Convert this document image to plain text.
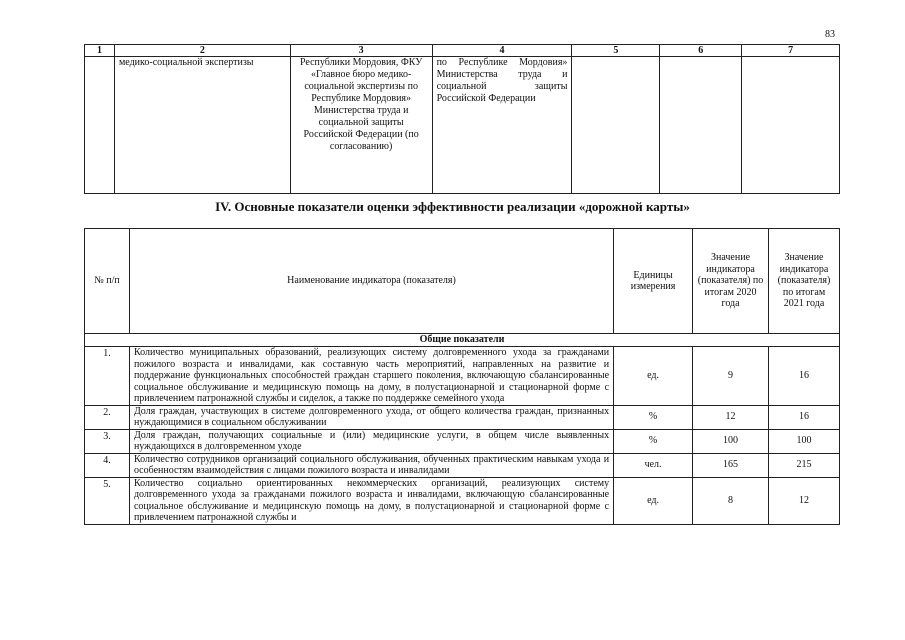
83
1	2	3	4	5	6	7
	медико-социальной экспертизы	Республики Мордовия, ФКУ «Главное бюро медико-социальной экспертизы по Республике Мордовия» Министерства труда и социальной защиты Российской Федерации (по согласованию)	по Республике Мордовия» Министерства труда и социальной защиты Российской Федерации			
IV. Основные показатели оценки эффективности реализации «дорожной карты»
№ п/п	Наименование индикатора (показателя)	Единицы измерения	Значение индикатора (показателя) по итогам 2020 года	Значение индикатора (показателя) по итогам 2021 года
Общие показатели				
1.	Количество муниципальных образований, реализующих систему долговременного ухода за гражданами пожилого возраста и инвалидами, как составную часть мероприятий, направленных на развитие и поддержание функциональных способностей граждан старшего поколения, включающую сбалансированные социальное обслуживание и медицинскую помощь на дому, в полустационарной и стационарной форме с привлечением патронажной службы и сиделок, а также по поддержке семейного ухода	ед.	9	16
2.	Доля граждан, участвующих в системе долговременного ухода, от общего количества граждан, признанных нуждающимися в социальном обслуживании	%	12	16
3.	Доля граждан, получающих социальные и (или) медицинские услуги, в общем числе выявленных нуждающихся в долговременном уходе	%	100	100
4.	Количество сотрудников организаций социального обслуживания, обученных практическим навыкам ухода и особенностям взаимодействия с лицами пожилого возраста и инвалидами	чел.	165	215
5.	Количество социально ориентированных некоммерческих организаций, реализующих систему долговременного ухода за гражданами пожилого возраста и инвалидами, включающую сбалансированные социальное обслуживание и медицинскую помощь на дому, в полустационарной и стационарной форме с привлечением патронажной службы и	ед.	8	12
